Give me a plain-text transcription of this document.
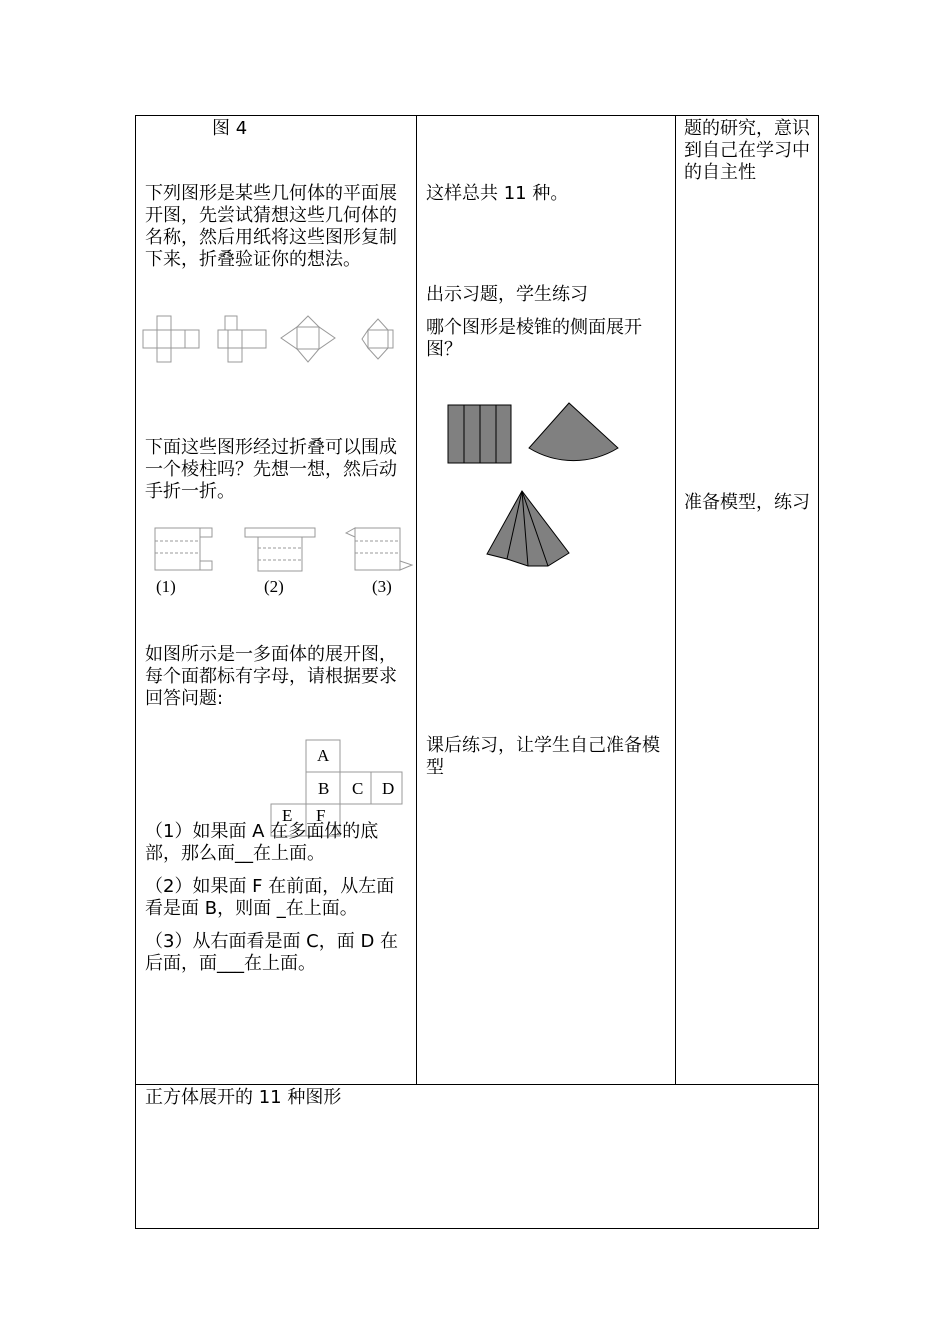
图 4
下列图形是某些几何体的平面展开图，先尝试猜想这些几何体的名称，然后用纸将这些图形复制下来，折叠验证你的想法。
下面这些图形经过折叠可以围成一个棱柱吗？先想一想，然后动手折一折。
(1)	(2)	(3)
如图所示是一多面体的展开图，每个面都标有字母，请根据要求回答问题:
A
B C D
E F
（1）如果面 A 在多面体的底部，那么面__在上面。
（2）如果面 F 在前面，从左面看是面 B，则面 _在上面。
（3）从右面看是面 C，面 D 在后面，面___在上面。
这样总共 11 种。
出示习题，学生练习
哪个图形是棱锥的侧面展开图？
课后练习，让学生自己准备模型
题的研究，意识到自己在学习中的自主性
准备模型，练习
正方体展开的 11 种图形
